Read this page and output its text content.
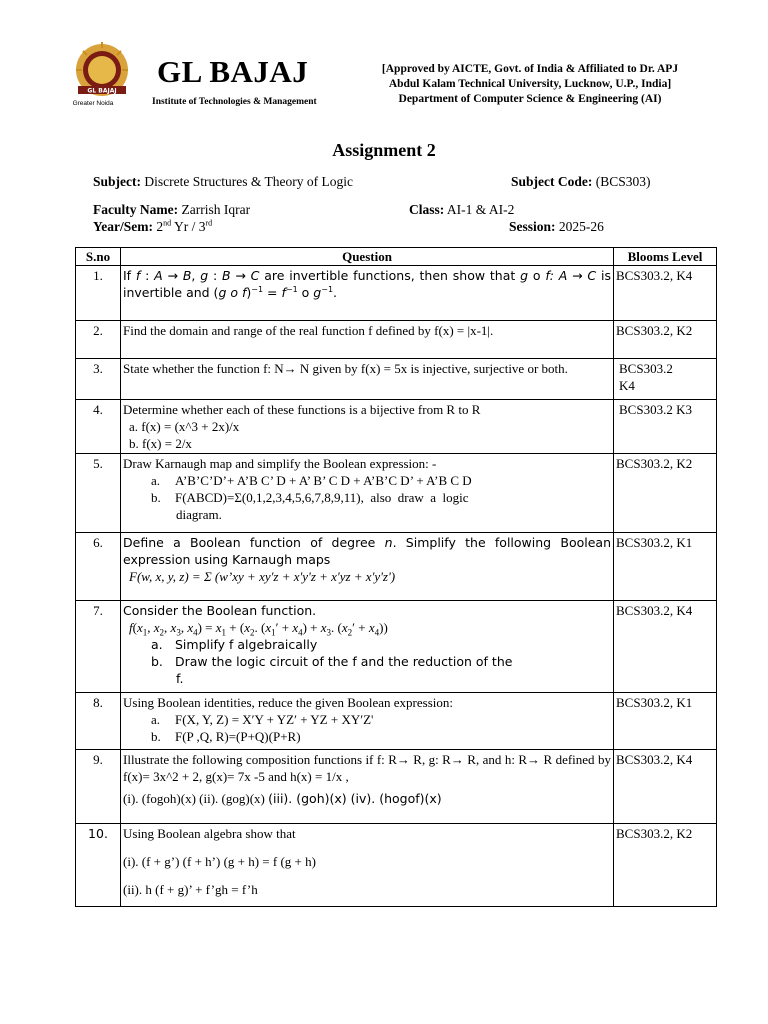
GL BAJAJ
Greater Noida
GL BAJAJ
Institute of Technologies & Management
[Approved by AICTE, Govt. of India & Affiliated to Dr. APJ
Abdul Kalam Technical University, Lucknow, U.P., India]
Department of Computer Science & Engineering (AI)
Assignment 2
Subject: Discrete Structures & Theory of Logic	Subject Code: (BCS303)
Faculty Name: Zarrish Iqrar	Class: AI-1 & AI-2
Year/Sem: 2nd Yr / 3rd	Session: 2025-26
S.no	Question	Blooms Level
1.	If f : A → B, g : B → C are invertible functions, then show that g o f: A → C is invertible and (g o $f)^{-1} = f^{-1}$ o $g^{-1}$.	BCS303.2, K4
2.	Find the domain and range of the real function f defined by f(x) = |x-1|.	BCS303.2, K2
3.	State whether the function f: N→ N given by f(x) = 5x is injective, surjective or both.	BCS303.2
K4

4.	Determine whether each of these functions is a bijective from R to R
a. f(x) = (x^3 + 2x)/x
b. f(x) = 2/x	BCS303.2 K3
5.	Draw Karnaugh map and simplify the Boolean expression: -
a. A’B’C’D’+ A’B C’ D + A’ B’ C D + A’B’C D’ + A’B C D
b. F(ABCD)=Σ(0,1,2,3,4,5,6,7,8,9,11),  also  draw  a  logic
diagram.	BCS303.2, K2
6.	Define a Boolean function of degree n. Simplify the following Boolean expression using Karnaugh maps
F(w, x, y, z) = Σ (w’xy + xy'z + x'y'z + x'yz + x'y'z')	BCS303.2, K1
7.	Consider the Boolean function.
$f(x_1$, $x_2$, $x_3$, $x_4) = x_1 + (x_2$. $(x_1' + x_4) + x_3$. $(x_2' + x_4)$)
a. Simplify f algebraically
b. Draw the logic circuit of the f and the reduction of the
f.	BCS303.2, K4
8.	Using Boolean identities, reduce the given Boolean expression:
a. F(X, Y, Z) = X′Y + YZ′ + YZ + XY′Z'
b. F(P ,Q, R)=(P+Q)(P+R)	BCS303.2, K1
9.	Illustrate the following composition functions if f: R→ R, g: R→ R, and h: R→ R defined by f(x)= 3x^2 + 2, g(x)= 7x -5 and h(x) = 1/x ,
(i). (fogoh)(x) (ii). (gog)(x) (iii). (goh)(x) (iv). (hogof)(x)	BCS303.2, K4
10.	Using Boolean algebra show that
(i). (f + g’) (f + h’) (g + h) = f (g + h)
(ii). h (f + g)’ + f’gh = f’h	BCS303.2, K2
